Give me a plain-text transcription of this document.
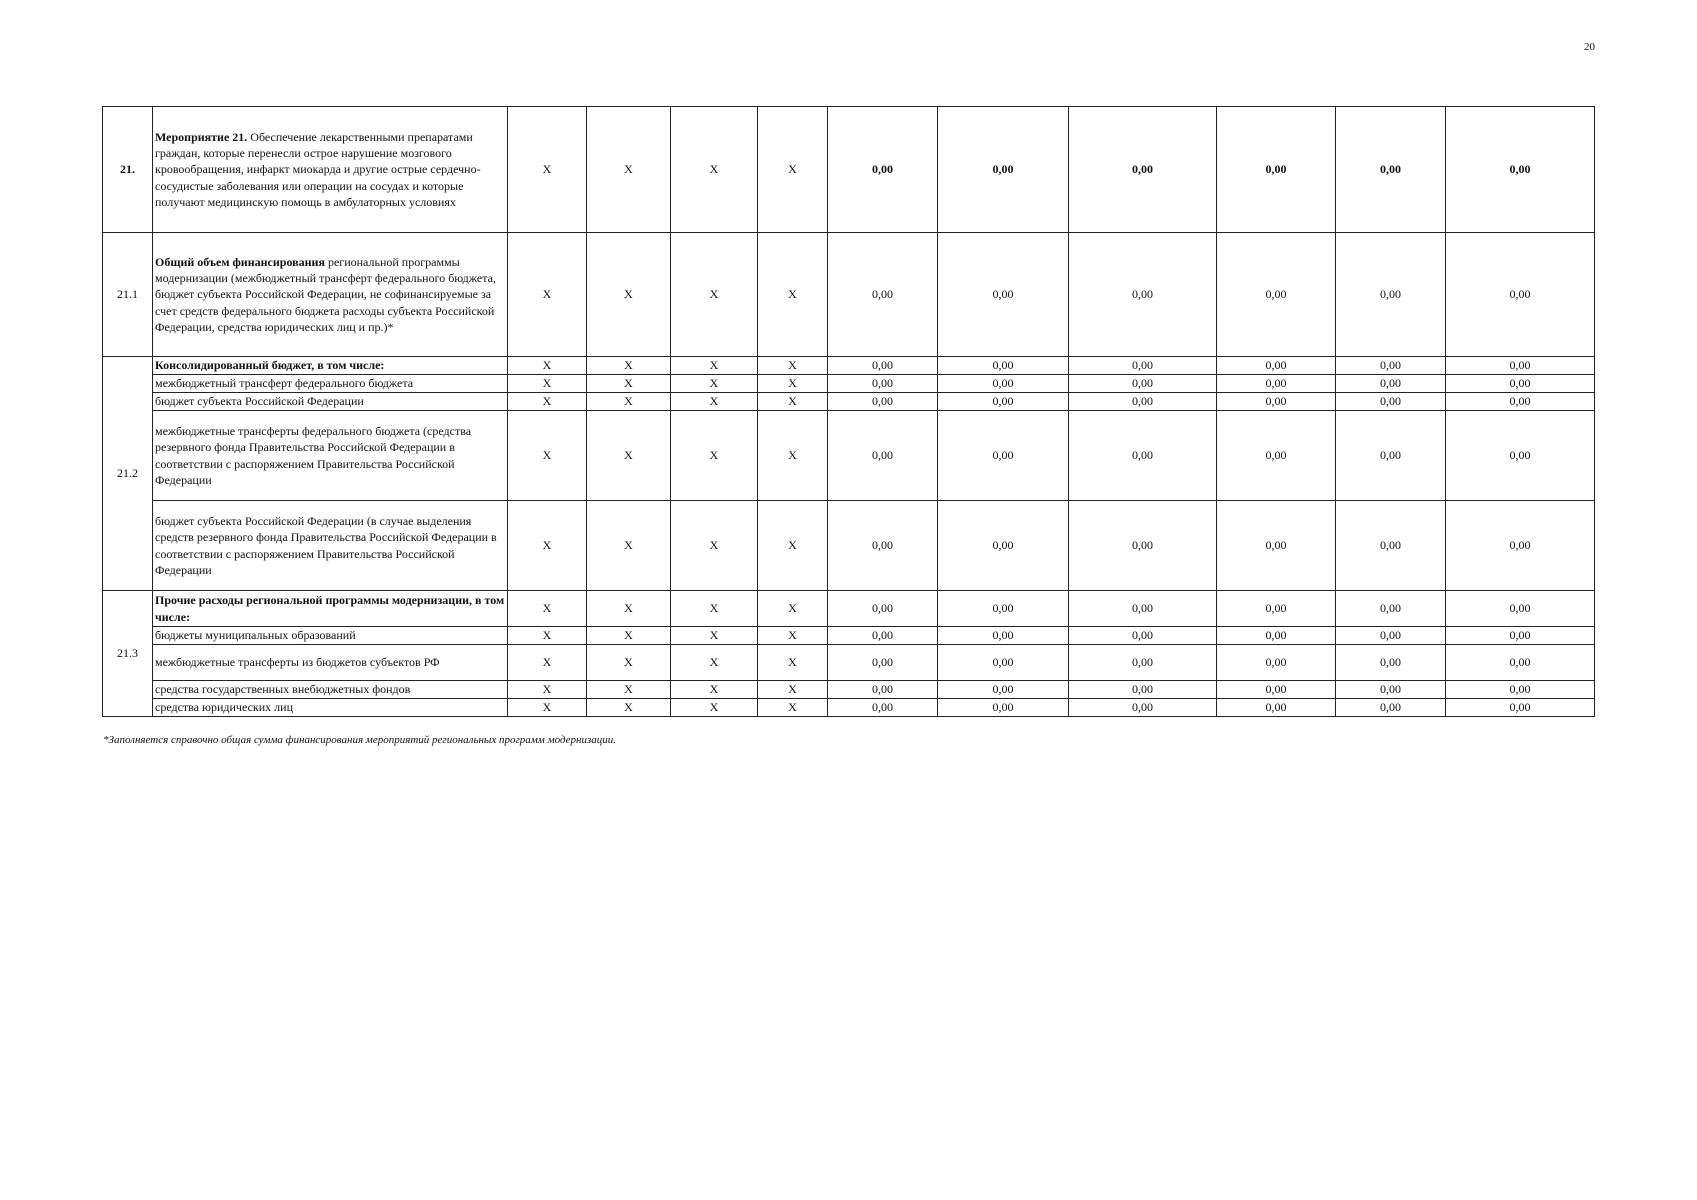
20
21.	Мероприятие 21. Обеспечение лекарственными препаратами граждан, которые перенесли острое нарушение мозгового кровообращения, инфаркт миокарда и другие острые сердечно-сосудистые заболевания или операции на сосудах и которые получают медицинскую помощь в амбулаторных условиях	X	X	X	X	0,00	0,00	0,00	0,00	0,00	0,00
21.1	Общий объем финансирования региональной программы модернизации (межбюджетный трансферт федерального бюджета, бюджет субъекта Российской Федерации, не софинансируемые за счет средств федерального бюджета расходы субъекта Российской Федерации, средства юридических лиц и пр.)*	X	X	X	X	0,00	0,00	0,00	0,00	0,00	0,00
21.2	Консолидированный бюджет, в том числе:	X	X	X	X	0,00	0,00	0,00	0,00	0,00	0,00
	межбюджетный трансферт федерального бюджета	X	X	X	X	0,00	0,00	0,00	0,00	0,00	0,00
	бюджет субъекта Российской Федерации	X	X	X	X	0,00	0,00	0,00	0,00	0,00	0,00
	межбюджетные трансферты федерального бюджета (средства резервного фонда Правительства Российской Федерации в соответствии с распоряжением Правительства Российской Федерации	X	X	X	X	0,00	0,00	0,00	0,00	0,00	0,00
	бюджет субъекта Российской Федерации (в случае выделения средств резервного фонда Правительства Российской Федерации в соответствии с распоряжением Правительства Российской Федерации	X	X	X	X	0,00	0,00	0,00	0,00	0,00	0,00
21.3	Прочие расходы региональной программы модернизации, в том числе:	X	X	X	X	0,00	0,00	0,00	0,00	0,00	0,00
	бюджеты муниципальных образований	X	X	X	X	0,00	0,00	0,00	0,00	0,00	0,00
	межбюджетные трансферты из бюджетов субъектов РФ	X	X	X	X	0,00	0,00	0,00	0,00	0,00	0,00
	средства государственных внебюджетных фондов	X	X	X	X	0,00	0,00	0,00	0,00	0,00	0,00
	средства юридических лиц	X	X	X	X	0,00	0,00	0,00	0,00	0,00	0,00
*Заполняется справочно общая сумма финансирования мероприятий региональных программ модернизации.
